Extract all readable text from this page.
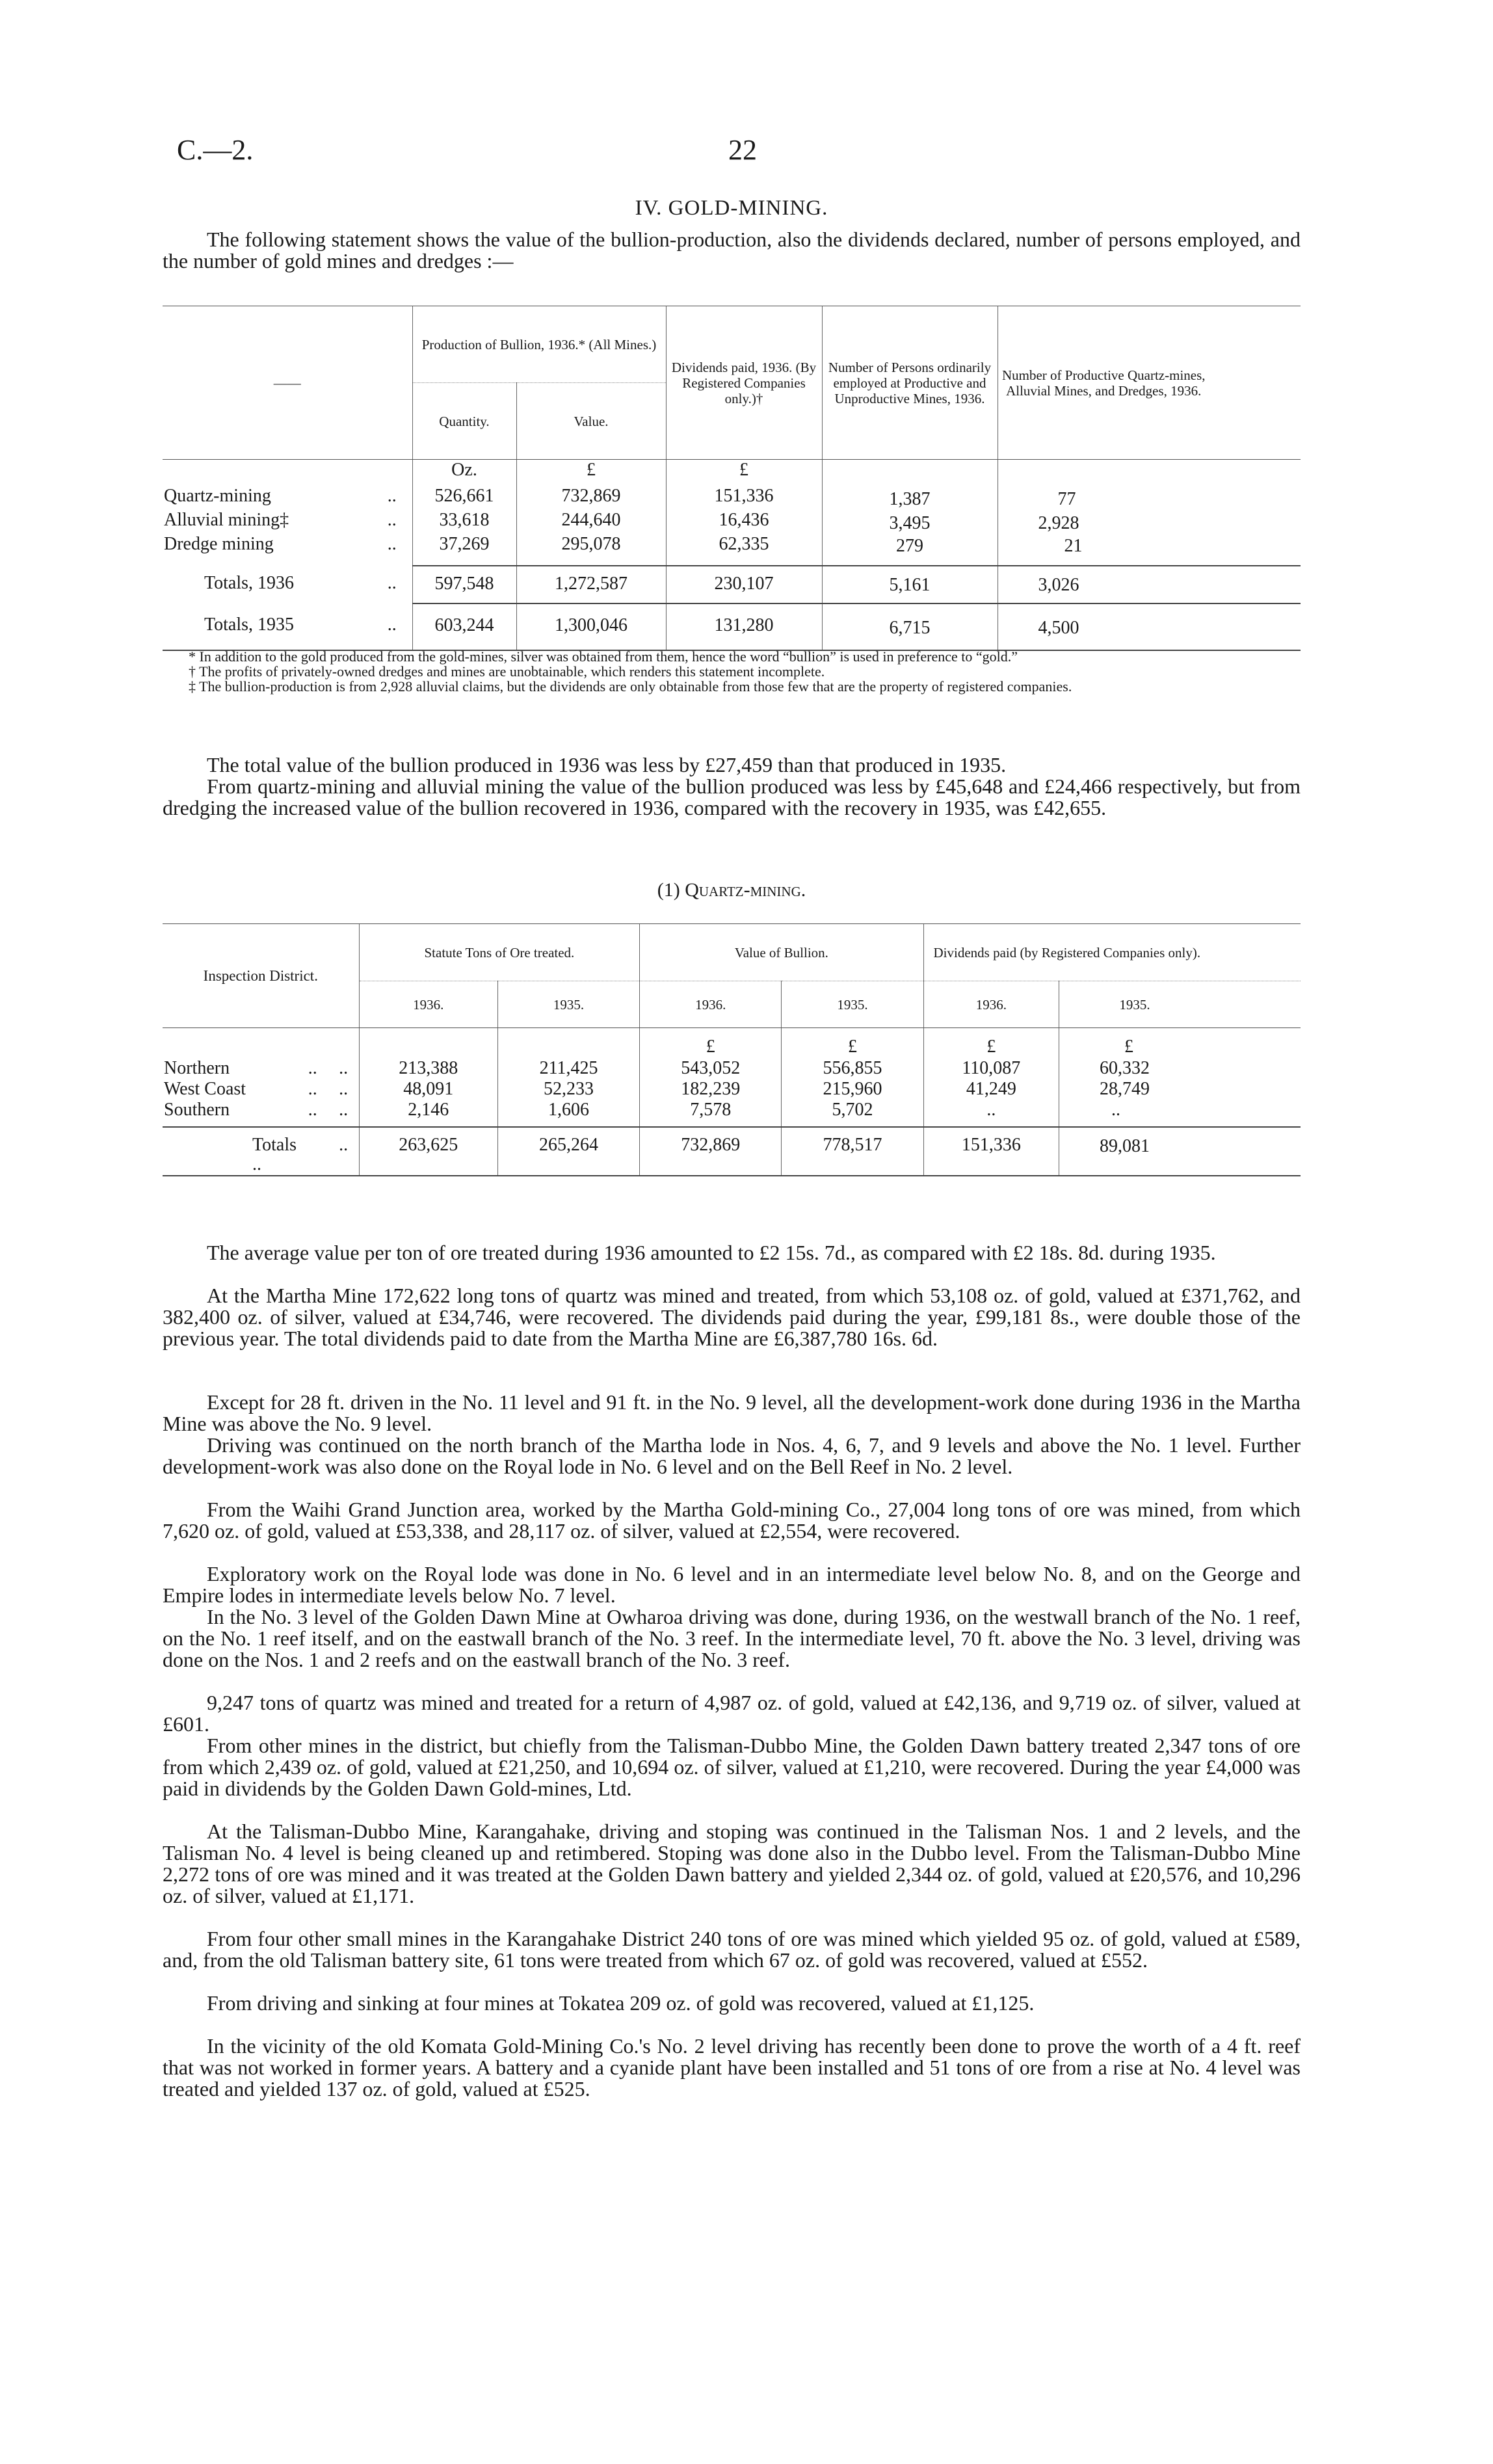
C.—2.	22
IV. GOLD-MINING.
The following statement shows the value of the bullion-production, also the dividends declared, number of persons employed, and the number of gold mines and dredges :—
——		Production of Bullion, 1936.* (All Mines.)		Dividends paid, 1936. (By Registered Companies only.)†	Number of Persons ordinarily employed at Productive and Unproductive Mines, 1936.	Number of Productive Quartz-mines, Alluvial Mines, and Dredges, 1936.
		Quantity.	Value.			
		Oz.	£	£		
Quartz-mining	..	526,661	732,869	151,336	1,387	77
Alluvial mining‡	..	33,618	244,640	16,436	3,495	2,928
Dredge mining	..	37,269	295,078	62,335	279	21

Totals, 1936	..	597,548	1,272,587	230,107	5,161	3,026
Totals, 1935	..	603,244	1,300,046	131,280	6,715	4,500

* In addition to the gold produced from the gold-mines, silver was obtained from them, hence the word “bullion” is used in preference to “gold.”

† The profits of privately-owned dredges and mines are unobtainable, which renders this statement incomplete.

‡ The bullion-production is from 2,928 alluvial claims, but the dividends are only obtainable from those few that are the property of registered companies.

The total value of the bullion produced in 1936 was less by £27,459 than that produced in 1935.
From quartz-mining and alluvial mining the value of the bullion produced was less by £45,648 and £24,466 respectively, but from dredging the increased value of the bullion recovered in 1936, compared with the recovery in 1935, was £42,655.
(1) Quartz-mining.
Inspection District.			Statute Tons of Ore treated.		Value of Bullion.		Dividends paid (by Registered Companies only).	
			1936.	1935.	1936.	1935.	1936.	1935.
					£	£	£	£
Northern	..	..	213,388	211,425	543,052	556,855	110,087	60,332
West Coast	..	..	48,091	52,233	182,239	215,960	41,249	28,749
Southern	..	..	2,146	1,606	7,578	5,702	..	..

Totals ..		..	263,625	265,264	732,869	778,517	151,336	89,081
The average value per ton of ore treated during 1936 amounted to £2 15s. 7d., as compared with £2 18s. 8d. during 1935.
At the Martha Mine 172,622 long tons of quartz was mined and treated, from which 53,108 oz. of gold, valued at £371,762, and 382,400 oz. of silver, valued at £34,746, were recovered. The dividends paid during the year, £99,181 8s., were double those of the previous year. The total dividends paid to date from the Martha Mine are £6,387,780 16s. 6d.
Except for 28 ft. driven in the No. 11 level and 91 ft. in the No. 9 level, all the development-work done during 1936 in the Martha Mine was above the No. 9 level.
Driving was continued on the north branch of the Martha lode in Nos. 4, 6, 7, and 9 levels and above the No. 1 level. Further development-work was also done on the Royal lode in No. 6 level and on the Bell Reef in No. 2 level.
From the Waihi Grand Junction area, worked by the Martha Gold-mining Co., 27,004 long tons of ore was mined, from which 7,620 oz. of gold, valued at £53,338, and 28,117 oz. of silver, valued at £2,554, were recovered.
Exploratory work on the Royal lode was done in No. 6 level and in an intermediate level below No. 8, and on the George and Empire lodes in intermediate levels below No. 7 level.
In the No. 3 level of the Golden Dawn Mine at Owharoa driving was done, during 1936, on the westwall branch of the No. 1 reef, on the No. 1 reef itself, and on the eastwall branch of the No. 3 reef. In the intermediate level, 70 ft. above the No. 3 level, driving was done on the Nos. 1 and 2 reefs and on the eastwall branch of the No. 3 reef.
9,247 tons of quartz was mined and treated for a return of 4,987 oz. of gold, valued at £42,136, and 9,719 oz. of silver, valued at £601.
From other mines in the district, but chiefly from the Talisman-Dubbo Mine, the Golden Dawn battery treated 2,347 tons of ore from which 2,439 oz. of gold, valued at £21,250, and 10,694 oz. of silver, valued at £1,210, were recovered. During the year £4,000 was paid in dividends by the Golden Dawn Gold-mines, Ltd.
At the Talisman-Dubbo Mine, Karangahake, driving and stoping was continued in the Talisman Nos. 1 and 2 levels, and the Talisman No. 4 level is being cleaned up and retimbered. Stoping was done also in the Dubbo level. From the Talisman-Dubbo Mine 2,272 tons of ore was mined and it was treated at the Golden Dawn battery and yielded 2,344 oz. of gold, valued at £20,576, and 10,296 oz. of silver, valued at £1,171.
From four other small mines in the Karangahake District 240 tons of ore was mined which yielded 95 oz. of gold, valued at £589, and, from the old Talisman battery site, 61 tons were treated from which 67 oz. of gold was recovered, valued at £552.
From driving and sinking at four mines at Tokatea 209 oz. of gold was recovered, valued at £1,125.
In the vicinity of the old Komata Gold-Mining Co.'s No. 2 level driving has recently been done to prove the worth of a 4 ft. reef that was not worked in former years. A battery and a cyanide plant have been installed and 51 tons of ore from a rise at No. 4 level was treated and yielded 137 oz. of gold, valued at £525.
